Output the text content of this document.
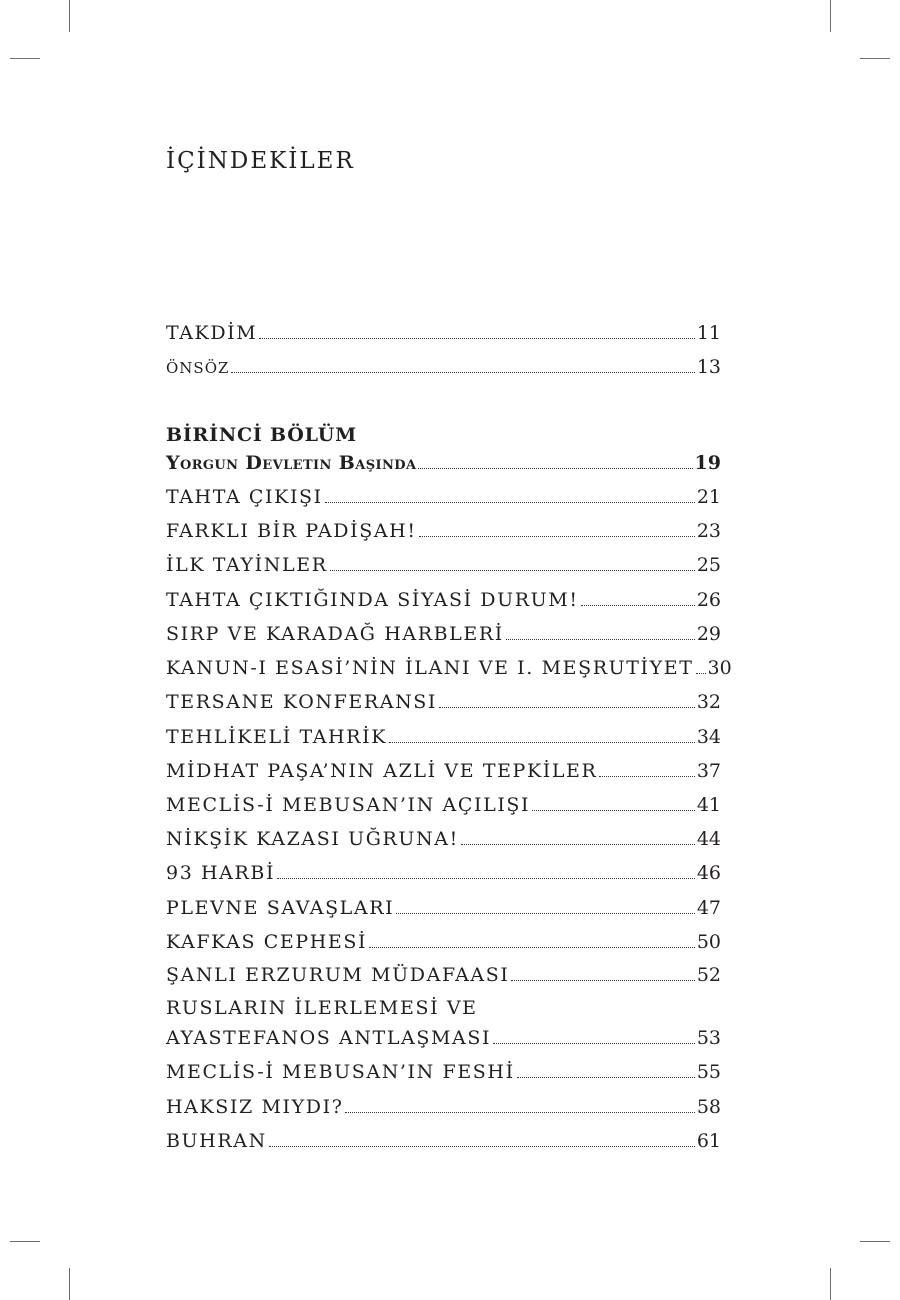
İÇİNDEKİLER
TAKDİM	11
ÖNSÖZ	13
BİRİNCİ BÖLÜM
Yorgun Devletin Başında	19
TAHTA ÇIKIŞI	21
FARKLI BİR PADİŞAH!	23
İLK TAYİNLER	25
TAHTA ÇIKTIĞINDA SİYASİ DURUM!	26
SIRP VE KARADAĞ HARBLERİ	29
KANUN-I ESASİ’NİN İLANI VE I. MEŞRUTİYET 30
TERSANE KONFERANSI	32
TEHLİKELİ TAHRİK	34
MİDHAT PAŞA’NIN AZLİ VE TEPKİLER	37
MECLİS-İ MEBUSAN’IN AÇILIŞI	41
NİKŞİK KAZASI UĞRUNA!	44
93 HARBİ	46
PLEVNE SAVAŞLARI	47
KAFKAS CEPHESİ	50
ŞANLI ERZURUM MÜDAFAASI	52
RUSLARIN İLERLEMESİ VE
AYASTEFANOS ANTLAŞMASI	53
MECLİS-İ MEBUSAN’IN FESHİ	55
HAKSIZ MIYDI?	58
BUHRAN	61
